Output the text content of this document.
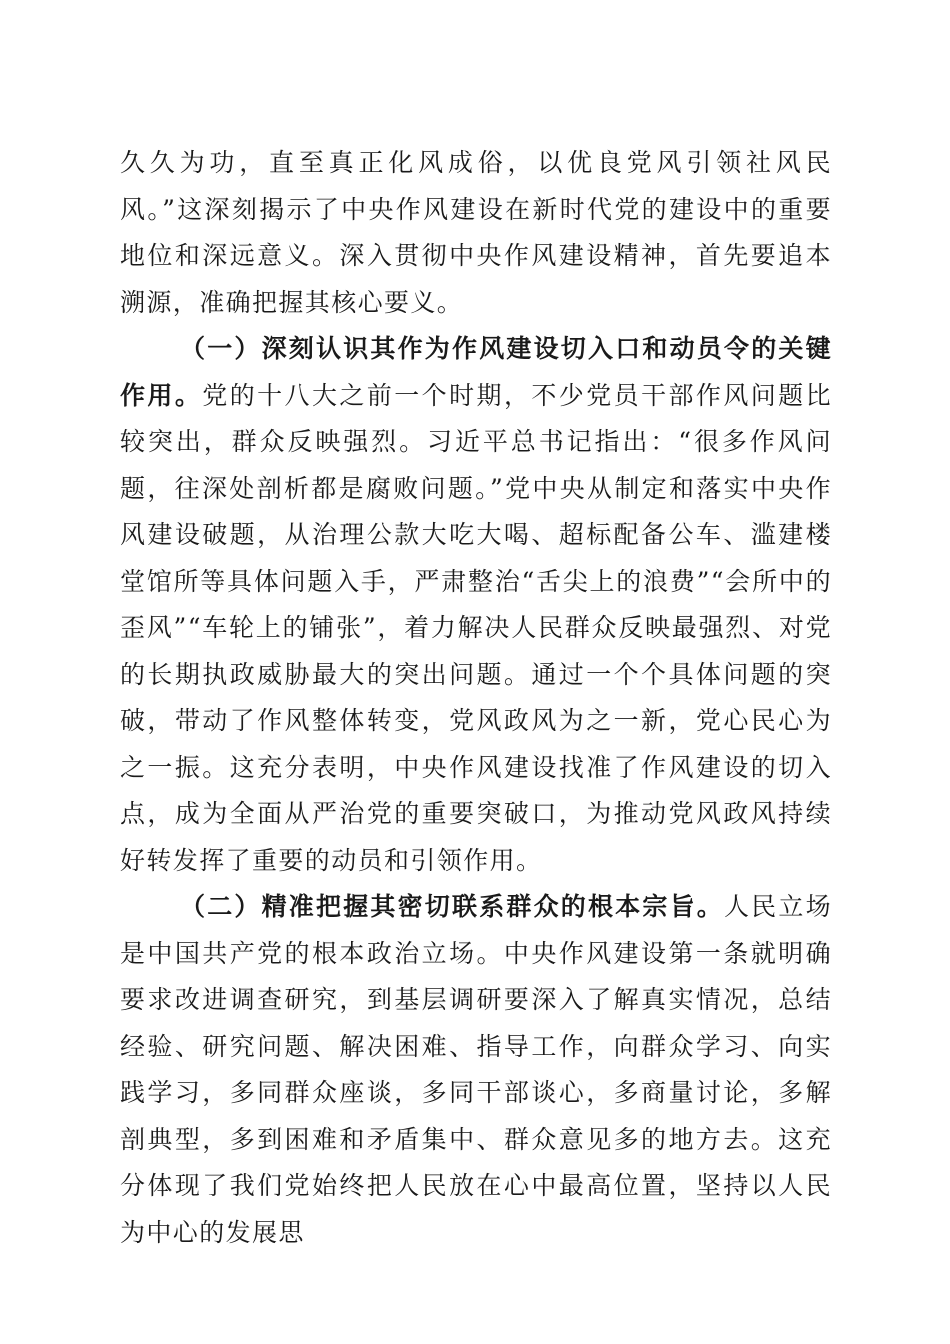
久久为功，直至真正化风成俗，以优良党风引领社风民风。”这深刻揭示了中央作风建设在新时代党的建设中的重要地位和深远意义。深入贯彻中央作风建设精神，首先要追本溯源，准确把握其核心要义。

（一）深刻认识其作为作风建设切入口和动员令的关键作用。党的十八大之前一个时期，不少党员干部作风问题比较突出，群众反映强烈。习近平总书记指出：“很多作风问题，往深处剖析都是腐败问题。”党中央从制定和落实中央作风建设破题，从治理公款大吃大喝、超标配备公车、滥建楼堂馆所等具体问题入手，严肃整治“舌尖上的浪费”“会所中的歪风”“车轮上的铺张”，着力解决人民群众反映最强烈、对党的长期执政威胁最大的突出问题。通过一个个具体问题的突破，带动了作风整体转变，党风政风为之一新，党心民心为之一振。这充分表明，中央作风建设找准了作风建设的切入点，成为全面从严治党的重要突破口，为推动党风政风持续好转发挥了重要的动员和引领作用。

（二）精准把握其密切联系群众的根本宗旨。人民立场是中国共产党的根本政治立场。中央作风建设第一条就明确要求改进调查研究，到基层调研要深入了解真实情况，总结经验、研究问题、解决困难、指导工作，向群众学习、向实践学习，多同群众座谈，多同干部谈心，多商量讨论，多解剖典型，多到困难和矛盾集中、群众意见多的地方去。这充分体现了我们党始终把人民放在心中最高位置，坚持以人民为中心的发展思
